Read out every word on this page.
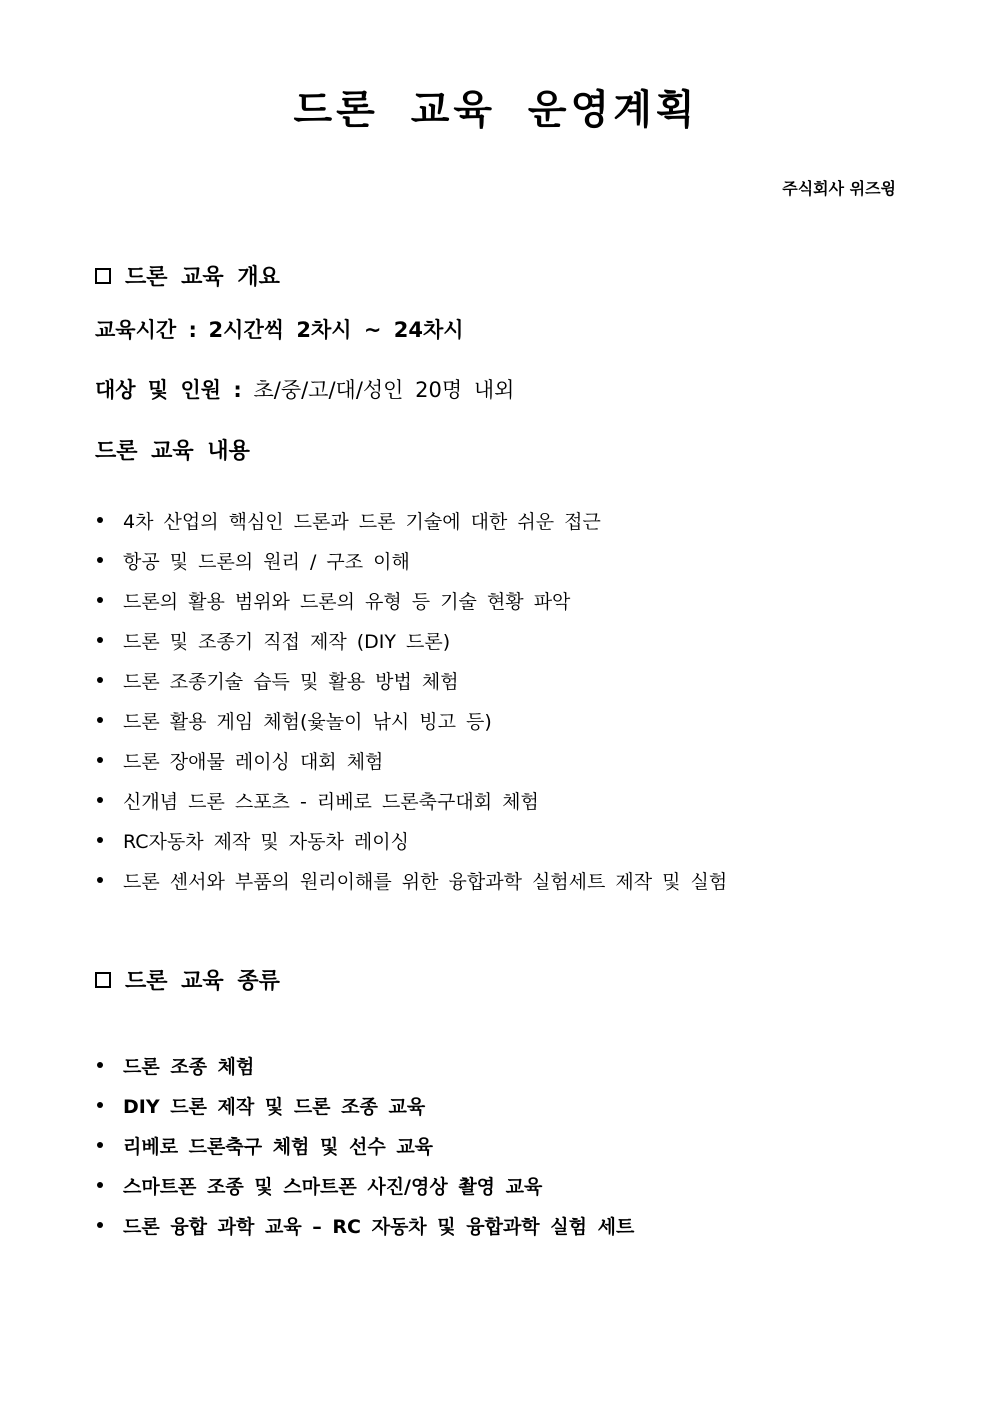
드론 교육 운영계획
주식회사 위즈윙
드론 교육 개요
교육시간 : 2시간씩 2차시 ~ 24차시
대상 및 인원 : 초/중/고/대/성인 20명 내외
드론 교육 내용
4차 산업의 핵심인 드론과 드론 기술에 대한 쉬운 접근
항공 및 드론의 원리 / 구조 이해
드론의 활용 범위와 드론의 유형 등 기술 현황 파악
드론 및 조종기 직접 제작 (DIY 드론)
드론 조종기술 습득 및 활용 방법 체험
드론 활용 게임 체험(윷놀이 낚시 빙고 등)
드론 장애물 레이싱 대회 체험
신개념 드론 스포츠 - 리베로 드론축구대회 체험
RC자동차 제작 및 자동차 레이싱
드론 센서와 부품의 원리이해를 위한 융합과학 실험세트 제작 및 실험
드론 교육 종류
드론 조종 체험
DIY 드론 제작 및 드론 조종 교육
리베로 드론축구 체험 및 선수 교육
스마트폰 조종 및 스마트폰 사진/영상 촬영 교육
드론 융합 과학 교육 – RC 자동차 및 융합과학 실험 세트
